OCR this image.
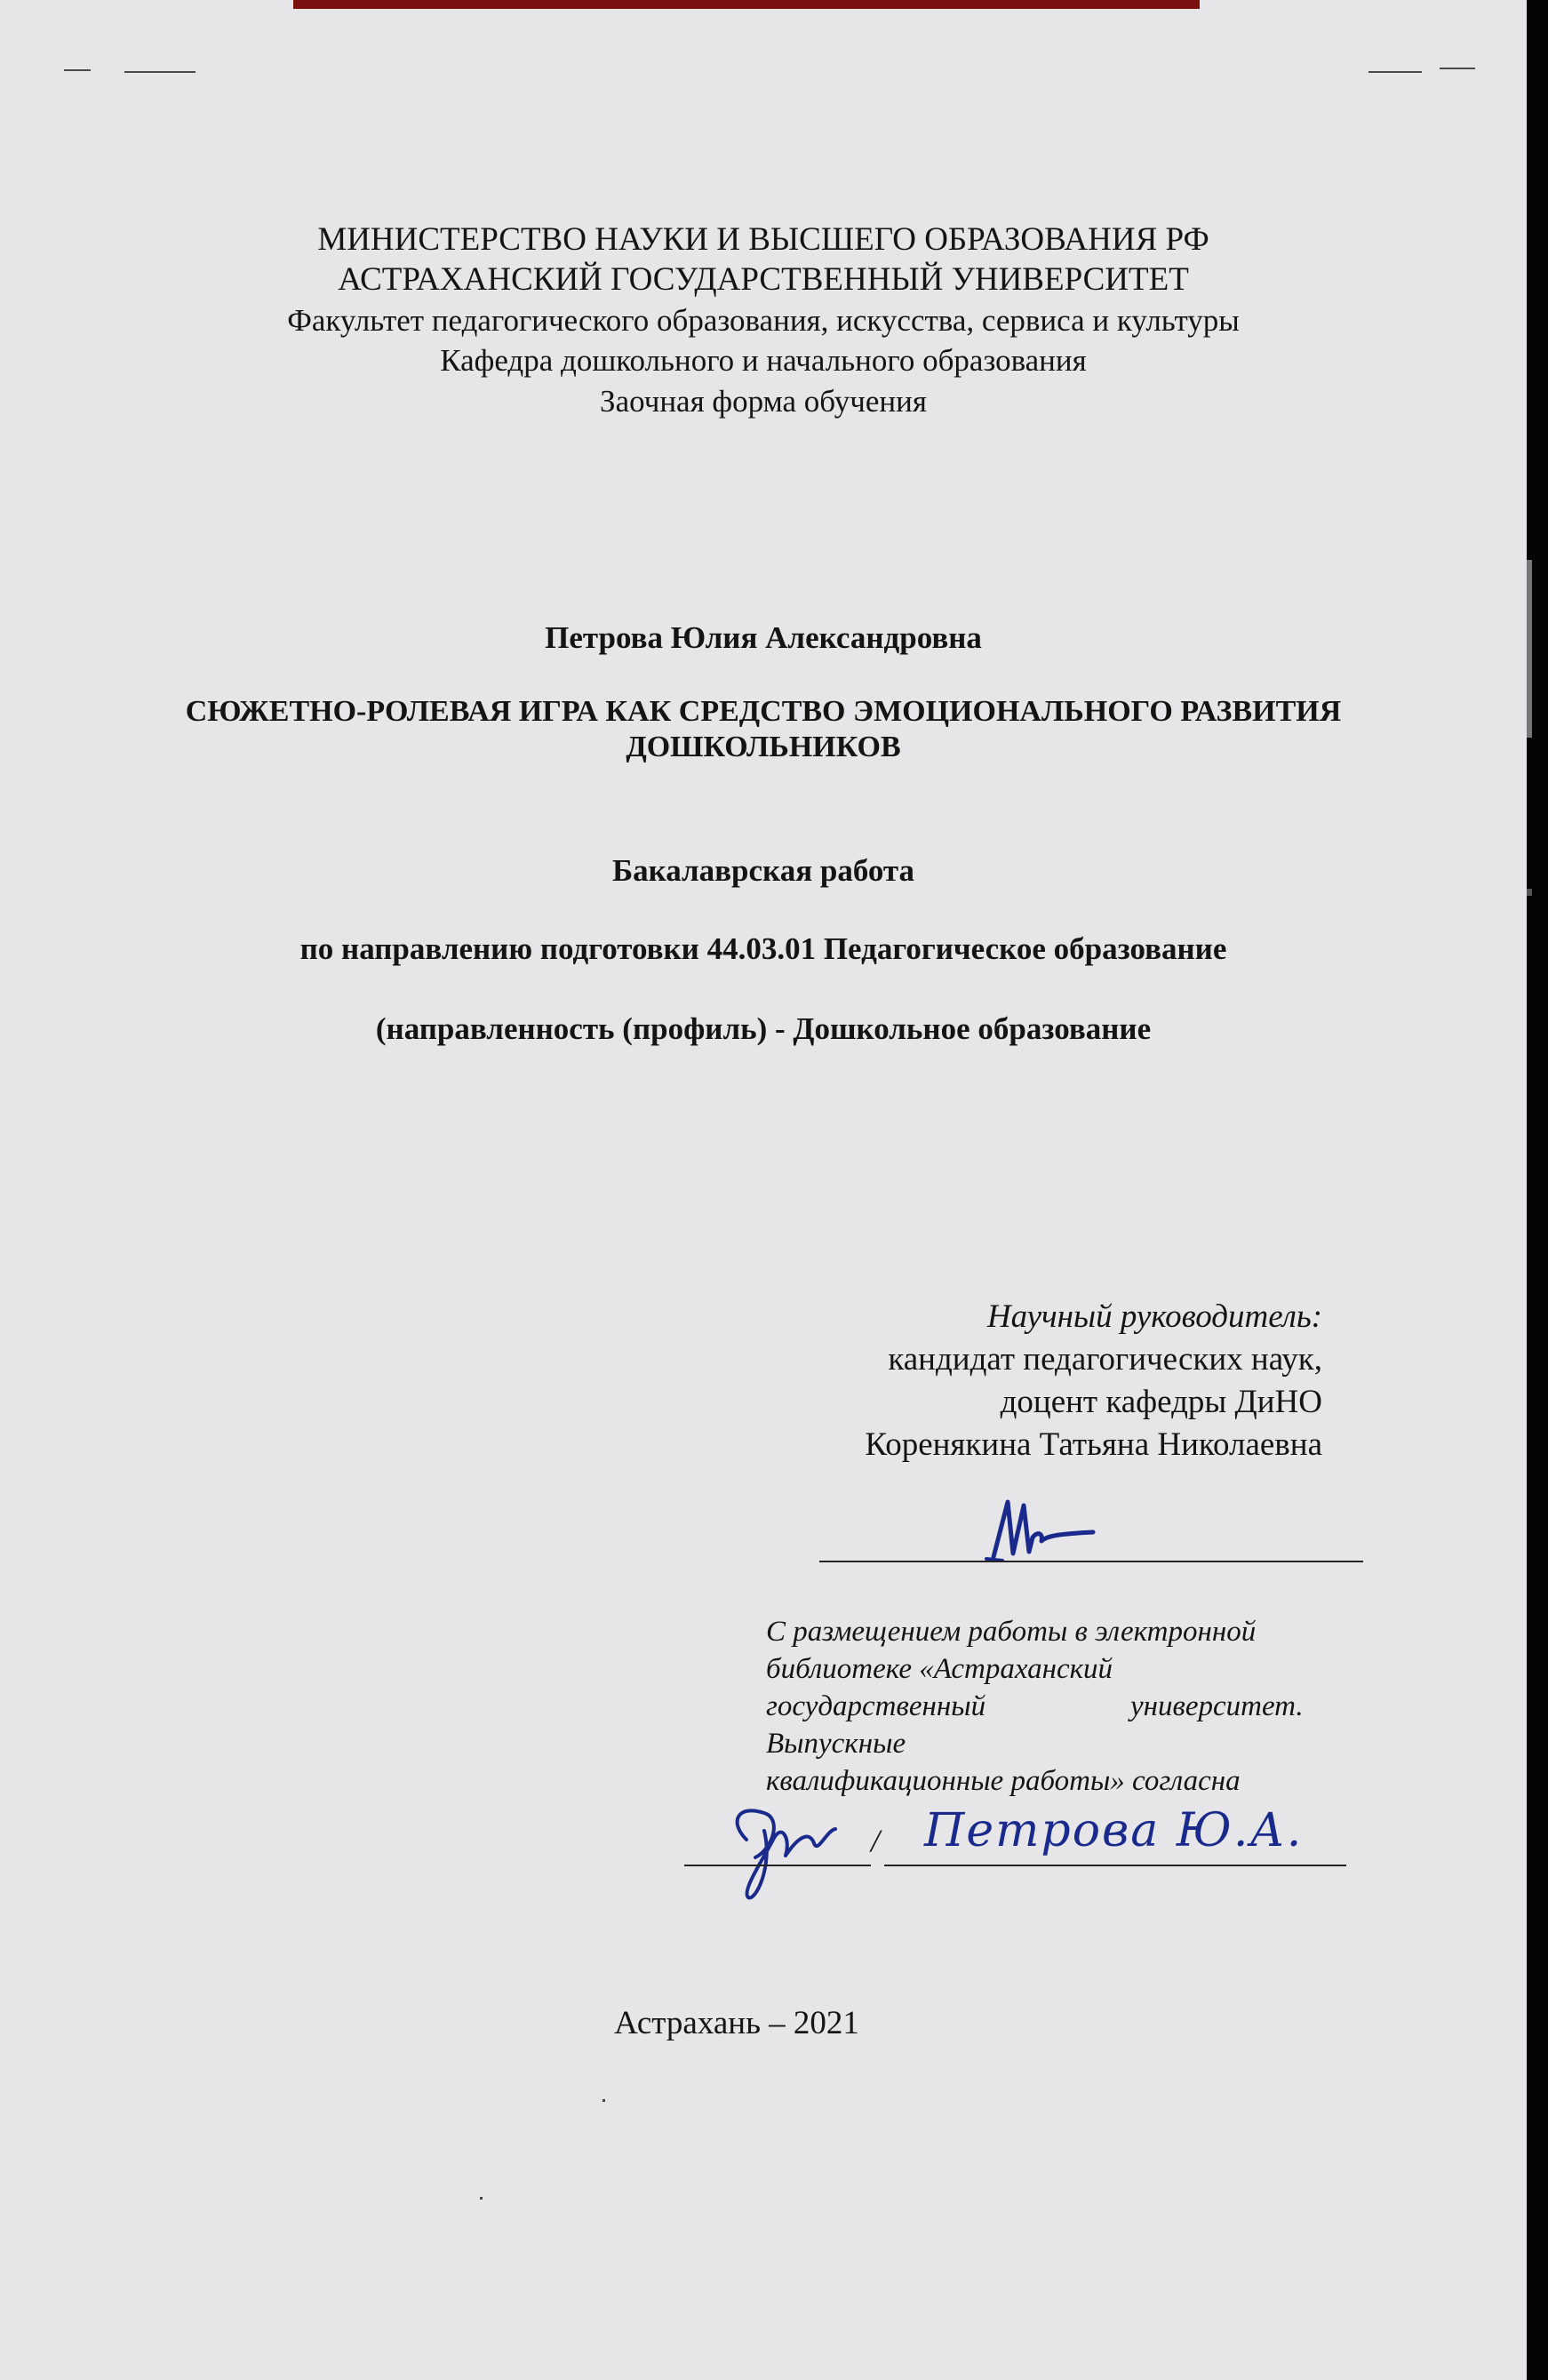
МИНИСТЕРСТВО НАУКИ И ВЫСШЕГО ОБРАЗОВАНИЯ РФ
АСТРАХАНСКИЙ ГОСУДАРСТВЕННЫЙ УНИВЕРСИТЕТ
Факультет педагогического образования, искусства, сервиса и культуры
Кафедра дошкольного и начального образования
Заочная форма обучения
Петрова Юлия Александровна
СЮЖЕТНО-РОЛЕВАЯ ИГРА КАК СРЕДСТВО ЭМОЦИОНАЛЬНОГО РАЗВИТИЯ
ДОШКОЛЬНИКОВ
Бакалаврская работа
по направлению подготовки 44.03.01 Педагогическое образование
(направленность (профиль) - Дошкольное образование
Научный руководитель:
кандидат педагогических наук,
доцент кафедры ДиНО
Коренякина Татьяна Николаевна
С размещением работы в электронной
библиотеке «Астраханский
государственный	университет.
Выпускные
квалификационные работы» согласна
/ Петрова Ю.А.
Астрахань – 2021
